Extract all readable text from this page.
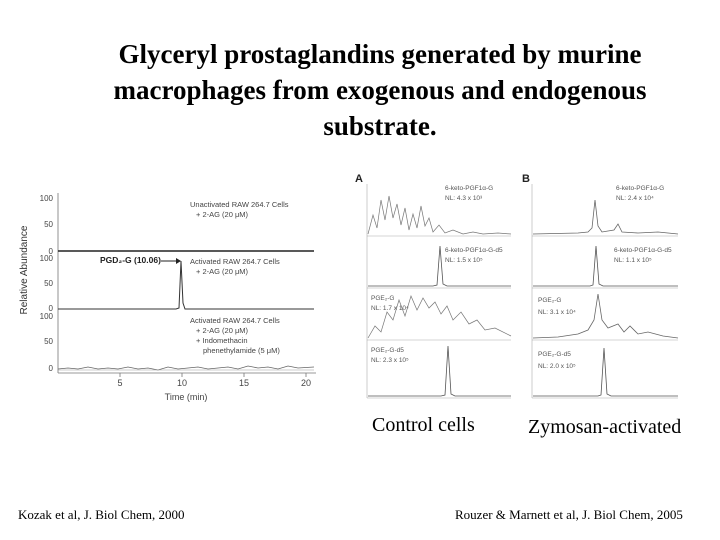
Glyceryl prostaglandins generated by murine
macrophages from exogenous and endogenous
substrate.
Relative Abundance
100
50
0
100
50
0
100
50
0
PGD₂-G (10.06)
Unactivated RAW 264.7 Cells
+ 2-AG (20 μM)
Activated RAW 264.7 Cells
+ 2-AG (20 μM)
Activated RAW 264.7 Cells
+ 2-AG (20 μM)
+ Indomethacin
phenethylamide (5 μM)
5	10	15	20
Time (min)
A
6-keto-PGF1α-G
NL: 4.3 x 10³
6-keto-PGF1α-G-d5
NL: 1.5 x 10⁵
PGE₂-G
NL: 1.7 x 10⁴
PGE₂-G-d5
NL: 2.3 x 10⁵
B
6-keto-PGF1α-G
NL: 2.4 x 10⁴
6-keto-PGF1α-G-d5
NL: 1.1 x 10⁵
PGE₂-G
NL: 3.1 x 10⁴
PGE₂-G-d5
NL: 2.0 x 10⁵
Control cells	Zymosan-activated
Kozak et al, J. Biol Chem, 2000	Rouzer & Marnett et al, J. Biol Chem, 2005
